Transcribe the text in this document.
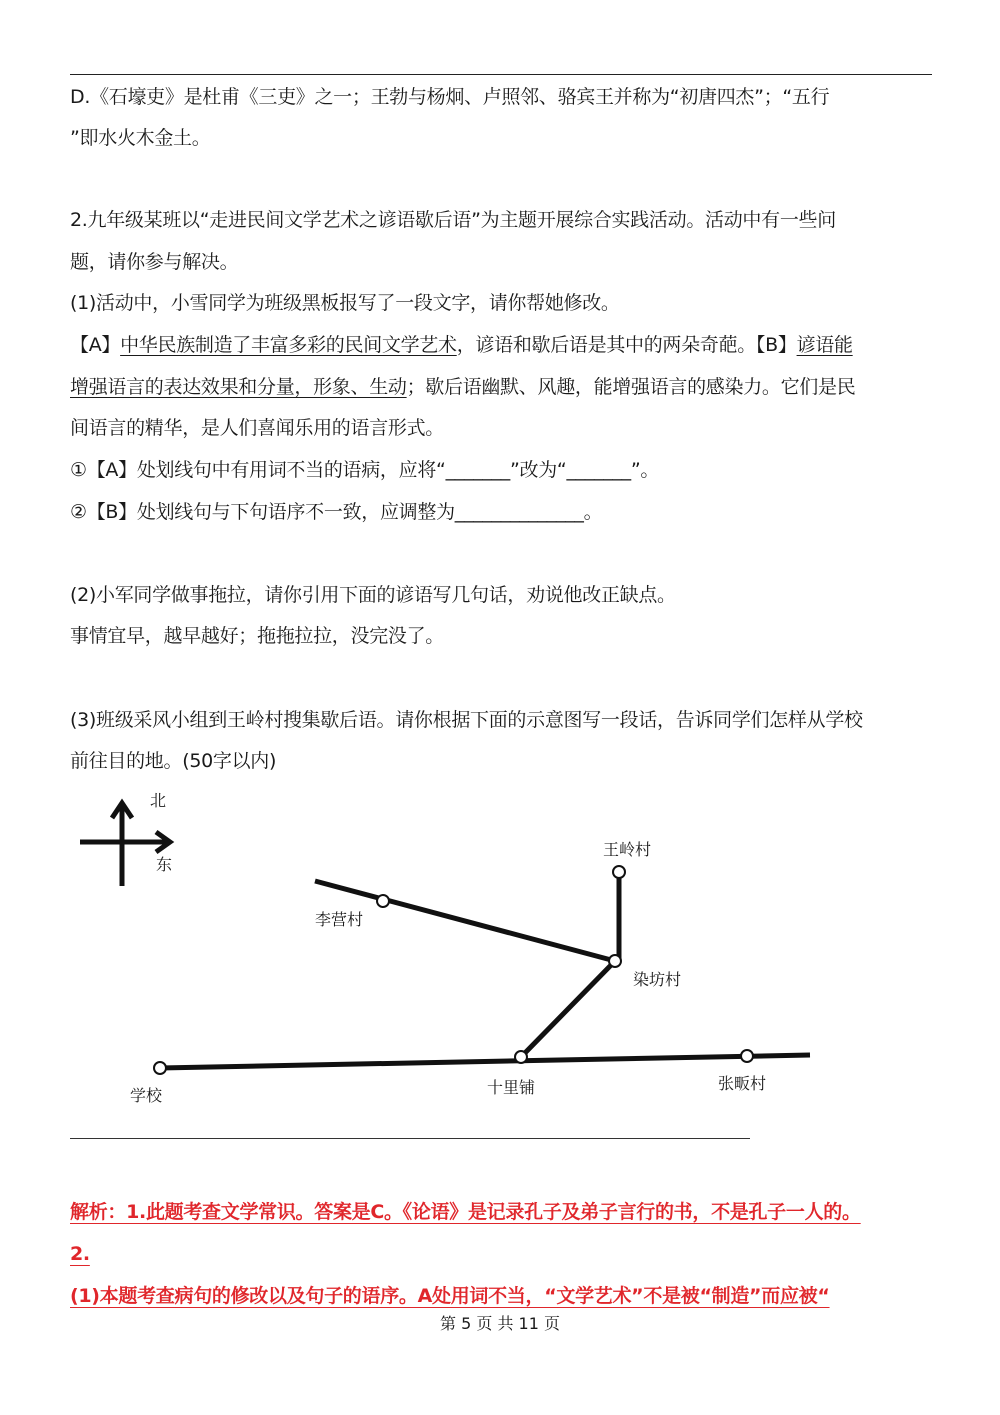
D.《石壕吏》是杜甫《三吏》之一；王勃与杨炯、卢照邻、骆宾王并称为“初唐四杰”；“五行
”即水火木金土。
2.九年级某班以“走进民间文学艺术之谚语歇后语”为主题开展综合实践活动。活动中有一些问
题，请你参与解决。
(1)活动中，小雪同学为班级黑板报写了一段文字，请你帮她修改。
【A】中华民族制造了丰富多彩的民间文学艺术，谚语和歇后语是其中的两朵奇葩。【B】谚语能
增强语言的表达效果和分量，形象、生动；歇后语幽默、风趣，能增强语言的感染力。它们是民
间语言的精华，是人们喜闻乐用的语言形式。
①【A】处划线句中有用词不当的语病，应将“_______”改为“_______”。
②【B】处划线句与下句语序不一致，应调整为______________。
(2)小军同学做事拖拉，请你引用下面的谚语写几句话，劝说他改正缺点。
事情宜早，越早越好；拖拖拉拉，没完没了。
(3)班级采风小组到王岭村搜集歇后语。请你根据下面的示意图写一段话，告诉同学们怎样从学校
前往目的地。(50字以内)
北
东
王岭村
李营村
染坊村
学校	十里铺	张畈村
解析：1.此题考查文学常识。答案是C。《论语》是记录孔子及弟子言行的书，不是孔子一人的。
2.
(1)本题考查病句的修改以及句子的语序。A处用词不当，“文学艺术”不是被“制造”而应被“
第 5 页 共 11 页
